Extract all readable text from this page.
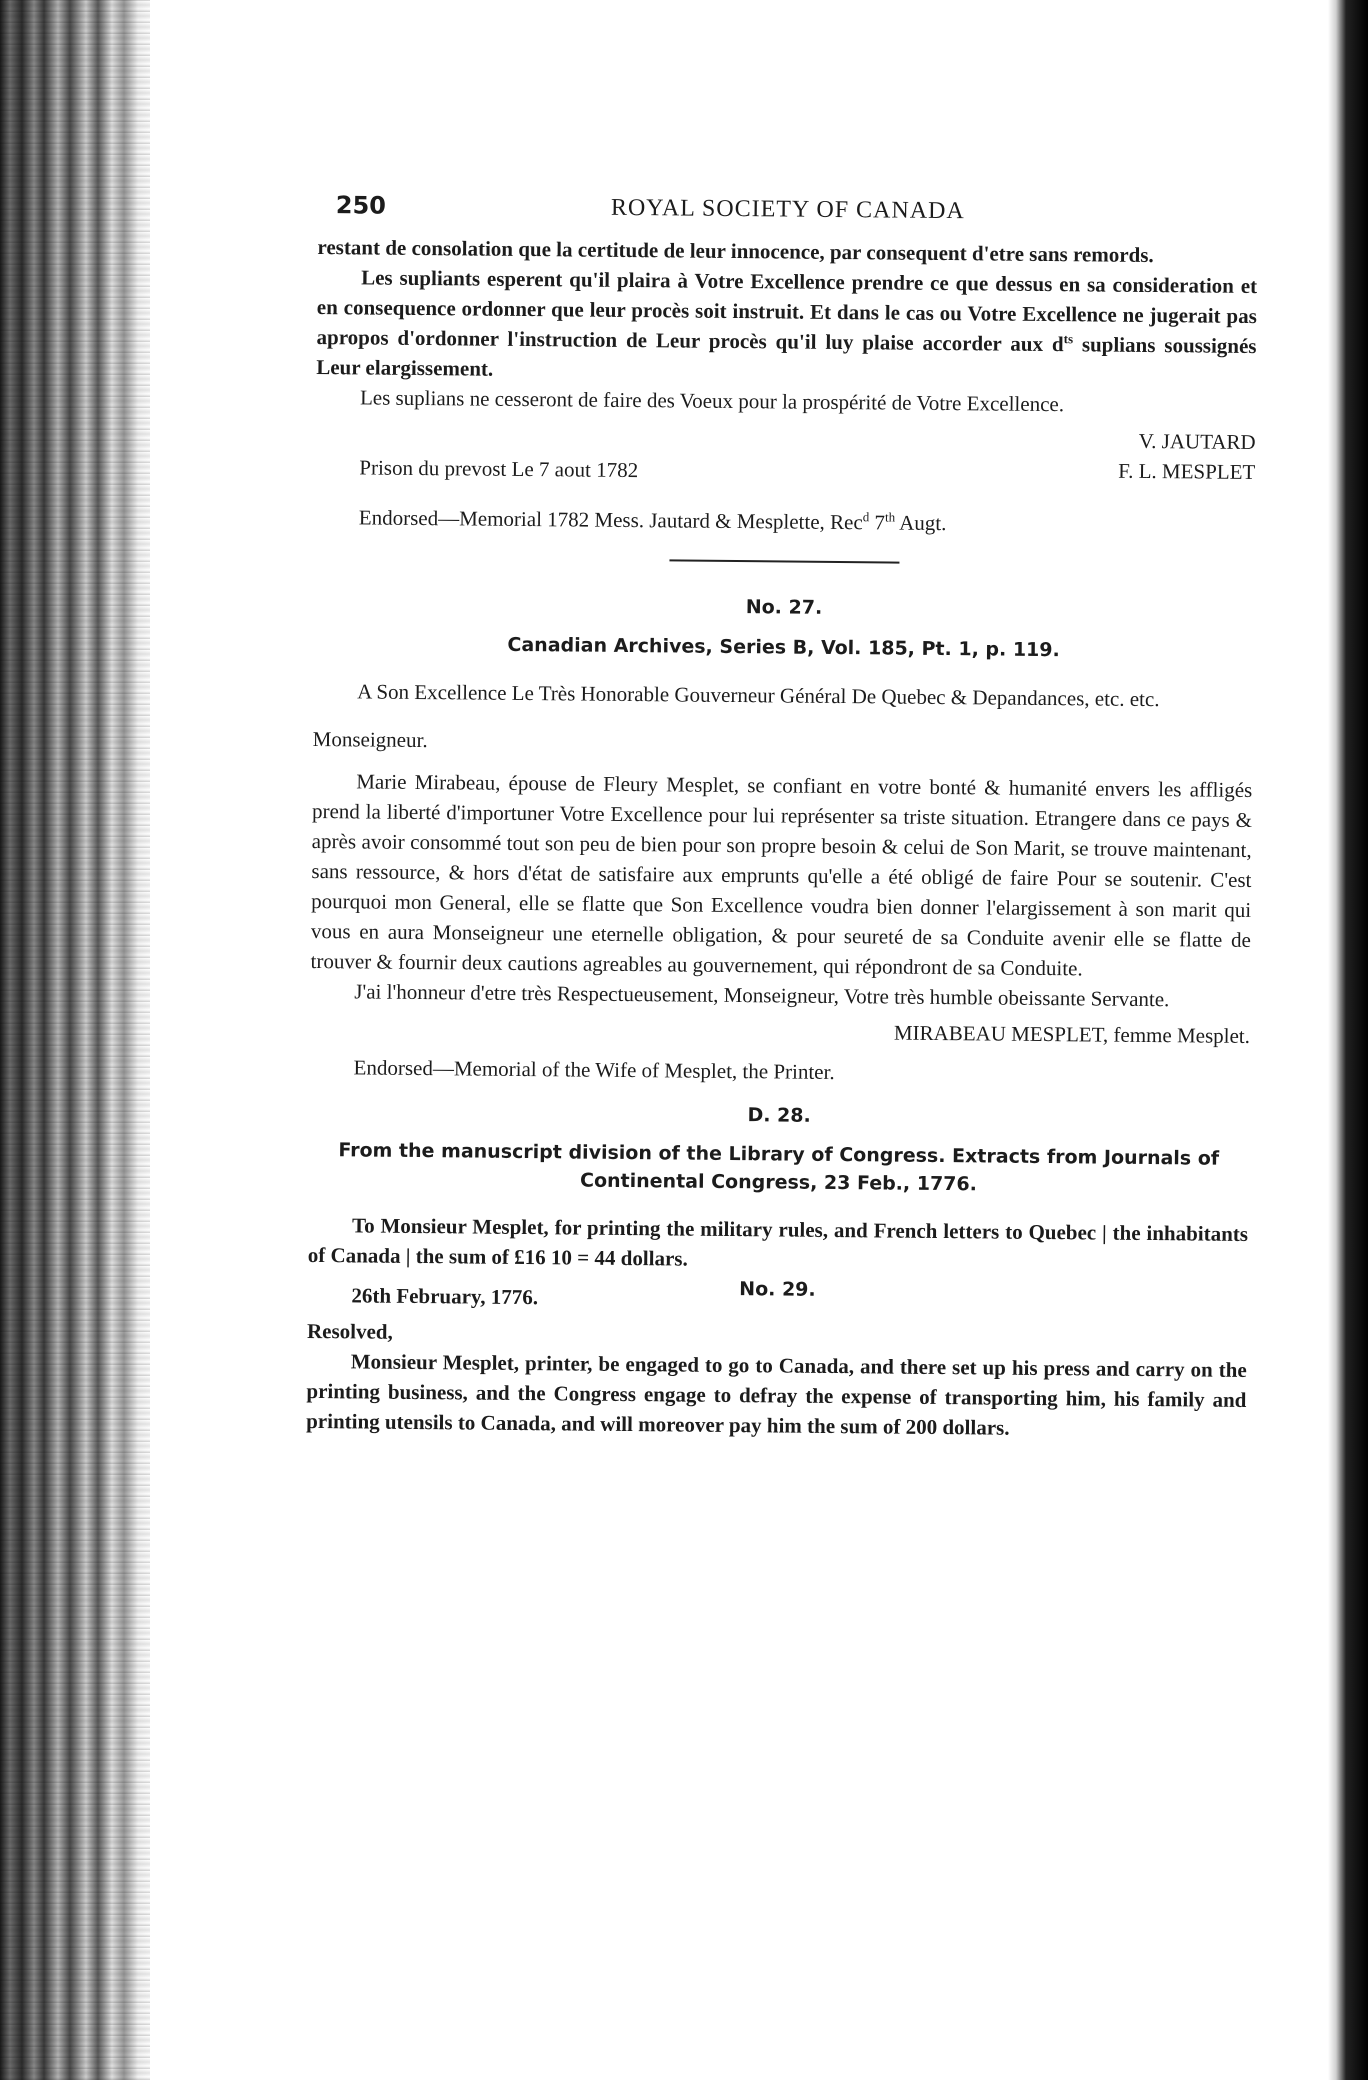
250	ROYAL SOCIETY OF CANADA

restant de consolation que la certitude de leur innocence, par consequent d'etre sans remords.

Les supliants esperent qu'il plaira à Votre Excellence prendre ce que dessus en sa consideration et en consequence ordonner que leur procès soit instruit. Et dans le cas ou Votre Excellence ne jugerait pas apropos d'ordonner l'instruction de Leur procès qu'il luy plaise accorder aux $d^{ts}$ suplians soussignés Leur elargissement.

Les suplians ne cesseront de faire des Voeux pour la prospérité de Votre Excellence.

V. JAUTARD

Prison du prevost Le 7 aout 1782	F. L. MESPLET

Endorsed—Memorial 1782 Mess. Jautard & Mesplette, Rec$^d$ 7th Augt.

No. 27.

Canadian Archives, Series B, Vol. 185, Pt. 1, p. 119.

A Son Excellence Le Très Honorable Gouverneur Général De Quebec & Depandances, etc. etc.

Monseigneur.

Marie Mirabeau, épouse de Fleury Mesplet, se confiant en votre bonté & humanité envers les affligés prend la liberté d'importuner Votre Excellence pour lui représenter sa triste situation. Etrangere dans ce pays & après avoir consommé tout son peu de bien pour son propre besoin & celui de Son Marit, se trouve maintenant, sans ressource, & hors d'état de satisfaire aux emprunts qu'elle a été obligé de faire Pour se soutenir. C'est pourquoi mon General, elle se flatte que Son Excellence voudra bien donner l'elargissement à son marit qui vous en aura Monseigneur une eternelle obligation, & pour seureté de sa Conduite avenir elle se flatte de trouver & fournir deux cautions agreables au gouvernement, qui répondront de sa Conduite.

J'ai l'honneur d'etre très Respectueusement, Monseigneur, Votre très humble obeissante Servante.

MIRABEAU MESPLET, femme Mesplet.

Endorsed—Memorial of the Wife of Mesplet, the Printer.

D. 28.

From the manuscript division of the Library of Congress. Extracts from Journals of Continental Congress, 23 Feb., 1776.

To Monsieur Mesplet, for printing the military rules, and French letters to Quebec | the inhabitants of Canada | the sum of £16 10 = 44 dollars.

No. 29.
26th February, 1776.

Resolved,

Monsieur Mesplet, printer, be engaged to go to Canada, and there set up his press and carry on the printing business, and the Congress engage to defray the expense of transporting him, his family and printing utensils to Canada, and will moreover pay him the sum of 200 dollars.
